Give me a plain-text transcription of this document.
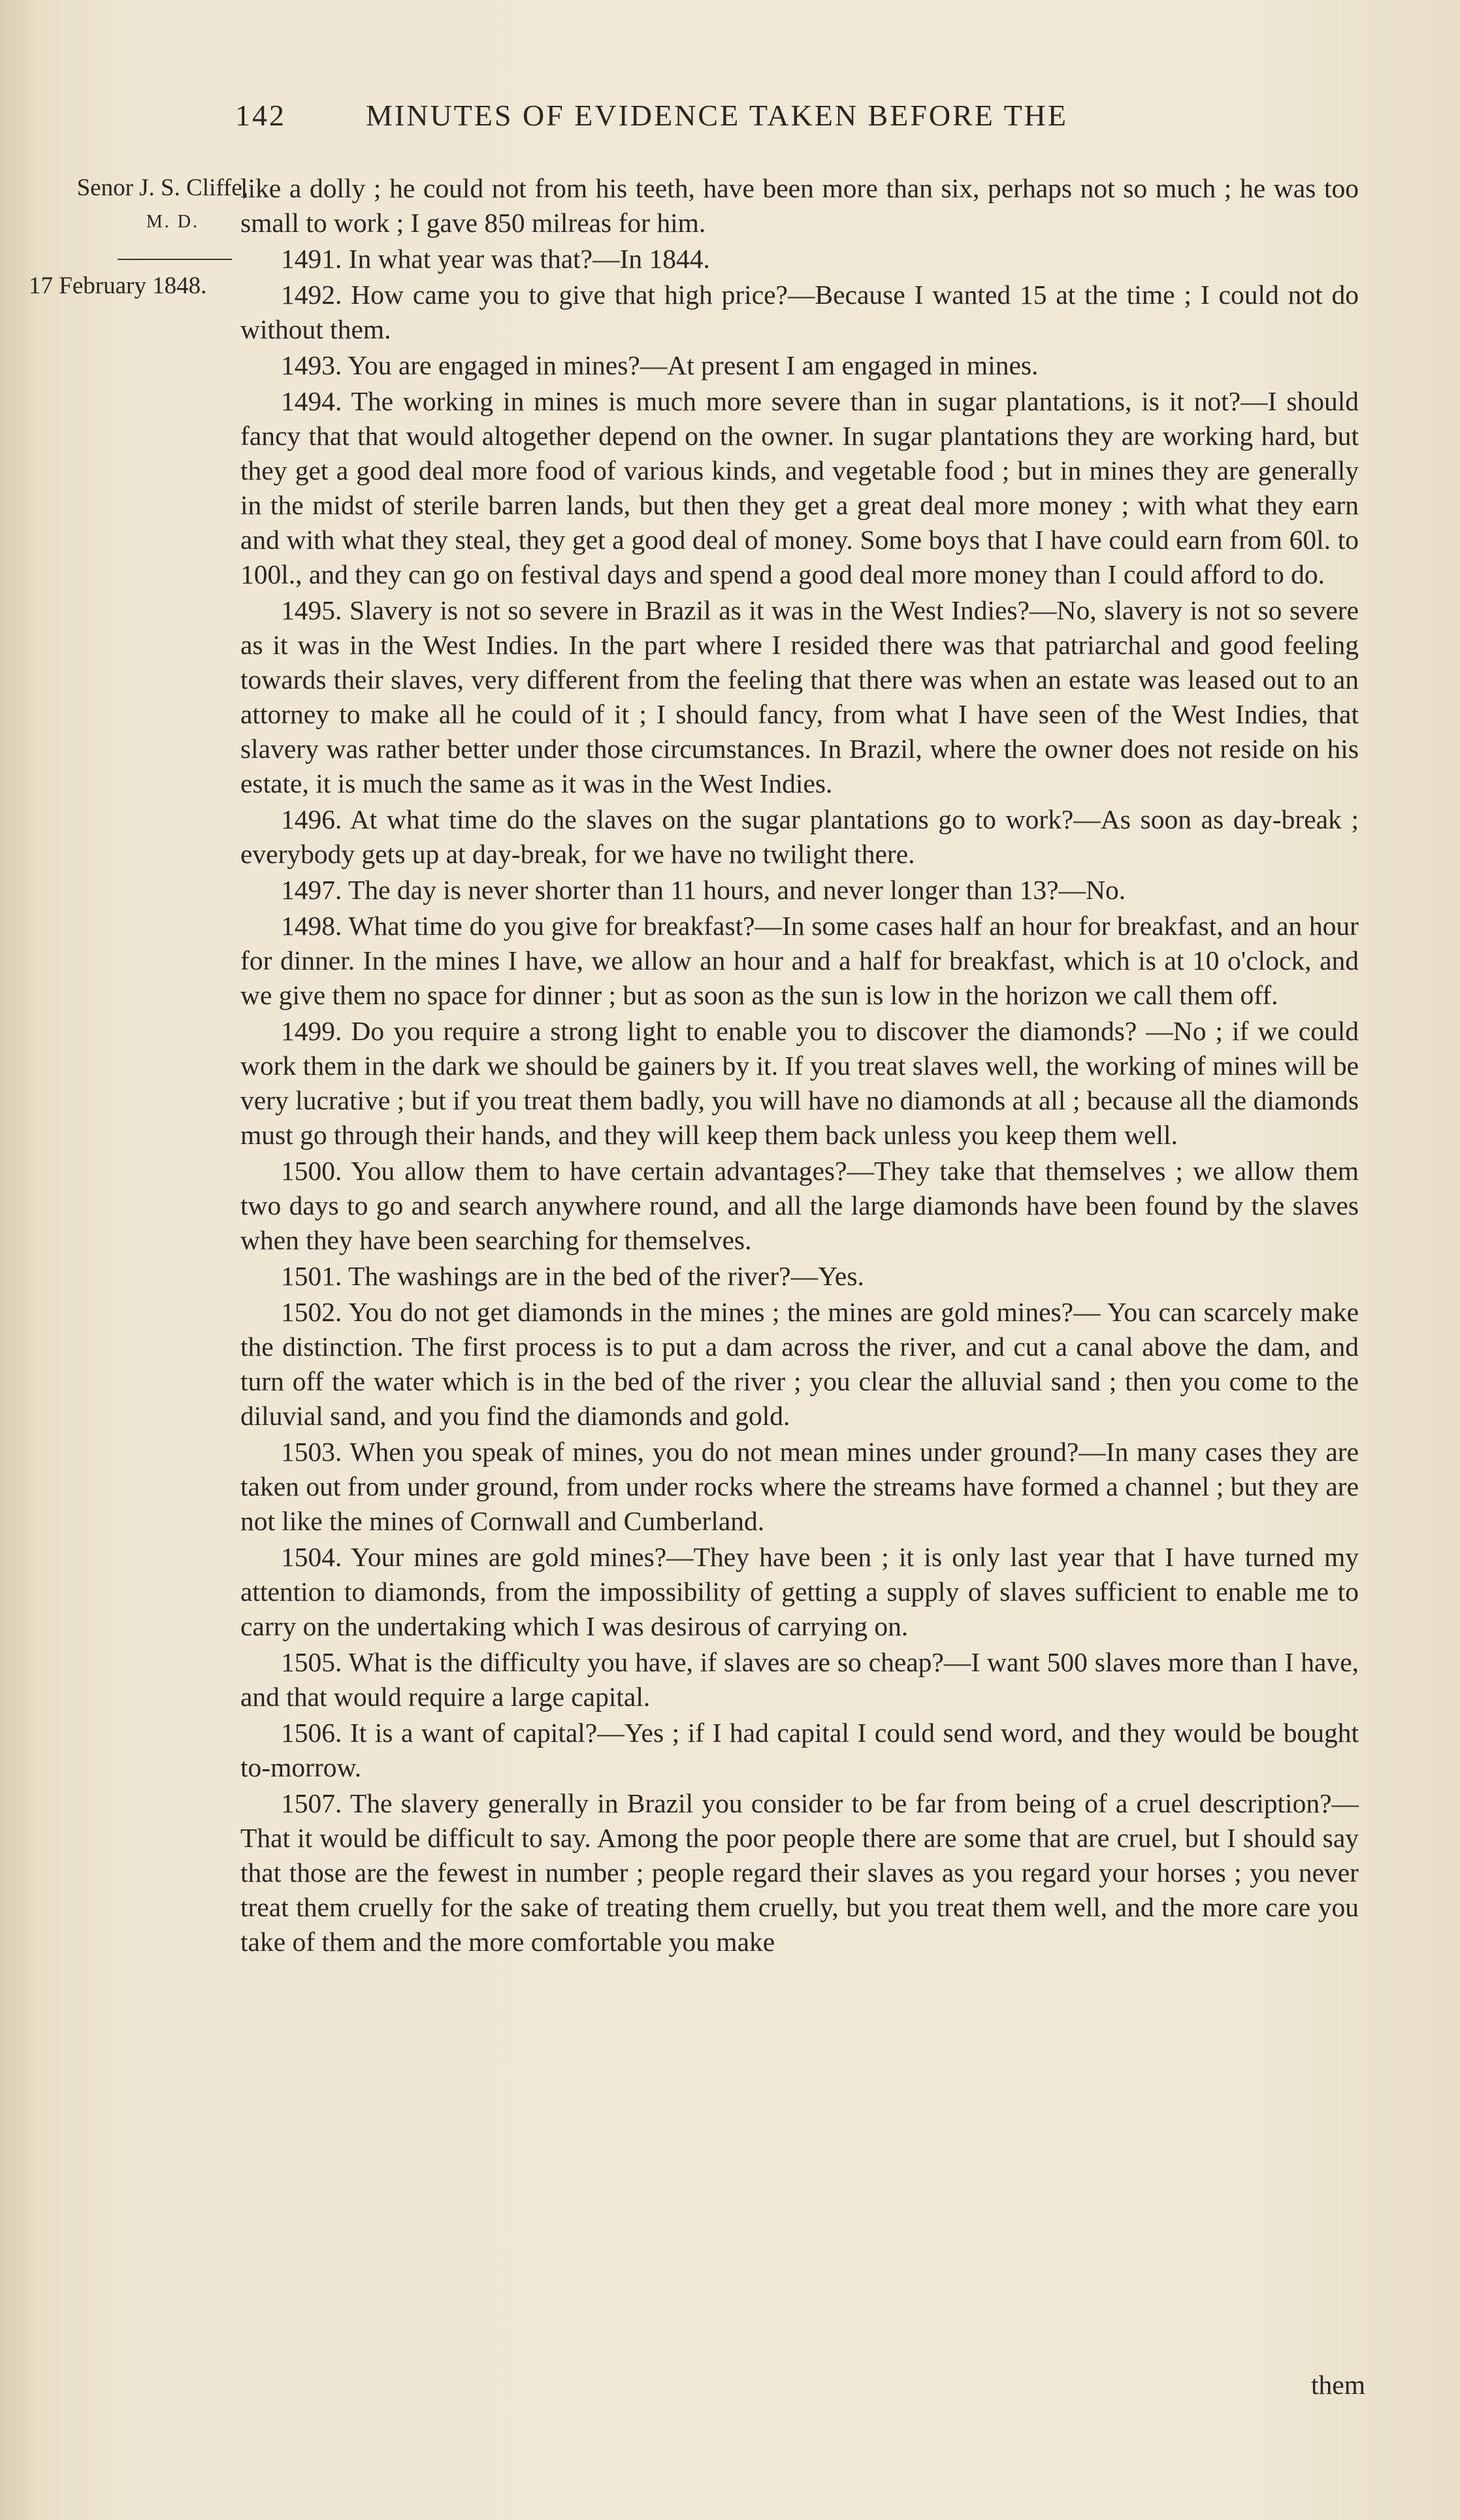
142	MINUTES OF EVIDENCE TAKEN BEFORE THE
Senor J. S. Cliffe,
M. D.
17 February 1848.

like a dolly ; he could not from his teeth, have been more than six, perhaps not so much ; he was too small to work ; I gave 850 milreas for him.

1491. In what year was that?—In 1844.

1492. How came you to give that high price?—Because I wanted 15 at the time ; I could not do without them.

1493. You are engaged in mines?—At present I am engaged in mines.

1494. The working in mines is much more severe than in sugar plantations, is it not?—I should fancy that that would altogether depend on the owner. In sugar plantations they are working hard, but they get a good deal more food of various kinds, and vegetable food ; but in mines they are generally in the midst of sterile barren lands, but then they get a great deal more money ; with what they earn and with what they steal, they get a good deal of money. Some boys that I have could earn from 60l. to 100l., and they can go on festival days and spend a good deal more money than I could afford to do.

1495. Slavery is not so severe in Brazil as it was in the West Indies?—No, slavery is not so severe as it was in the West Indies. In the part where I resided there was that patriarchal and good feeling towards their slaves, very different from the feeling that there was when an estate was leased out to an attorney to make all he could of it ; I should fancy, from what I have seen of the West Indies, that slavery was rather better under those circumstances. In Brazil, where the owner does not reside on his estate, it is much the same as it was in the West Indies.

1496. At what time do the slaves on the sugar plantations go to work?—As soon as day-break ; everybody gets up at day-break, for we have no twilight there.

1497. The day is never shorter than 11 hours, and never longer than 13?—No.

1498. What time do you give for breakfast?—In some cases half an hour for breakfast, and an hour for dinner. In the mines I have, we allow an hour and a half for breakfast, which is at 10 o'clock, and we give them no space for dinner ; but as soon as the sun is low in the horizon we call them off.

1499. Do you require a strong light to enable you to discover the diamonds? —No ; if we could work them in the dark we should be gainers by it. If you treat slaves well, the working of mines will be very lucrative ; but if you treat them badly, you will have no diamonds at all ; because all the diamonds must go through their hands, and they will keep them back unless you keep them well.

1500. You allow them to have certain advantages?—They take that themselves ; we allow them two days to go and search anywhere round, and all the large diamonds have been found by the slaves when they have been searching for themselves.

1501. The washings are in the bed of the river?—Yes.

1502. You do not get diamonds in the mines ; the mines are gold mines?— You can scarcely make the distinction. The first process is to put a dam across the river, and cut a canal above the dam, and turn off the water which is in the bed of the river ; you clear the alluvial sand ; then you come to the diluvial sand, and you find the diamonds and gold.

1503. When you speak of mines, you do not mean mines under ground?—In many cases they are taken out from under ground, from under rocks where the streams have formed a channel ; but they are not like the mines of Cornwall and Cumberland.

1504. Your mines are gold mines?—They have been ; it is only last year that I have turned my attention to diamonds, from the impossibility of getting a supply of slaves sufficient to enable me to carry on the undertaking which I was desirous of carrying on.

1505. What is the difficulty you have, if slaves are so cheap?—I want 500 slaves more than I have, and that would require a large capital.

1506. It is a want of capital?—Yes ; if I had capital I could send word, and they would be bought to-morrow.

1507. The slavery generally in Brazil you consider to be far from being of a cruel description?—That it would be difficult to say. Among the poor people there are some that are cruel, but I should say that those are the fewest in number ; people regard their slaves as you regard your horses ; you never treat them cruelly for the sake of treating them cruelly, but you treat them well, and the more care you take of them and the more comfortable you make

them
